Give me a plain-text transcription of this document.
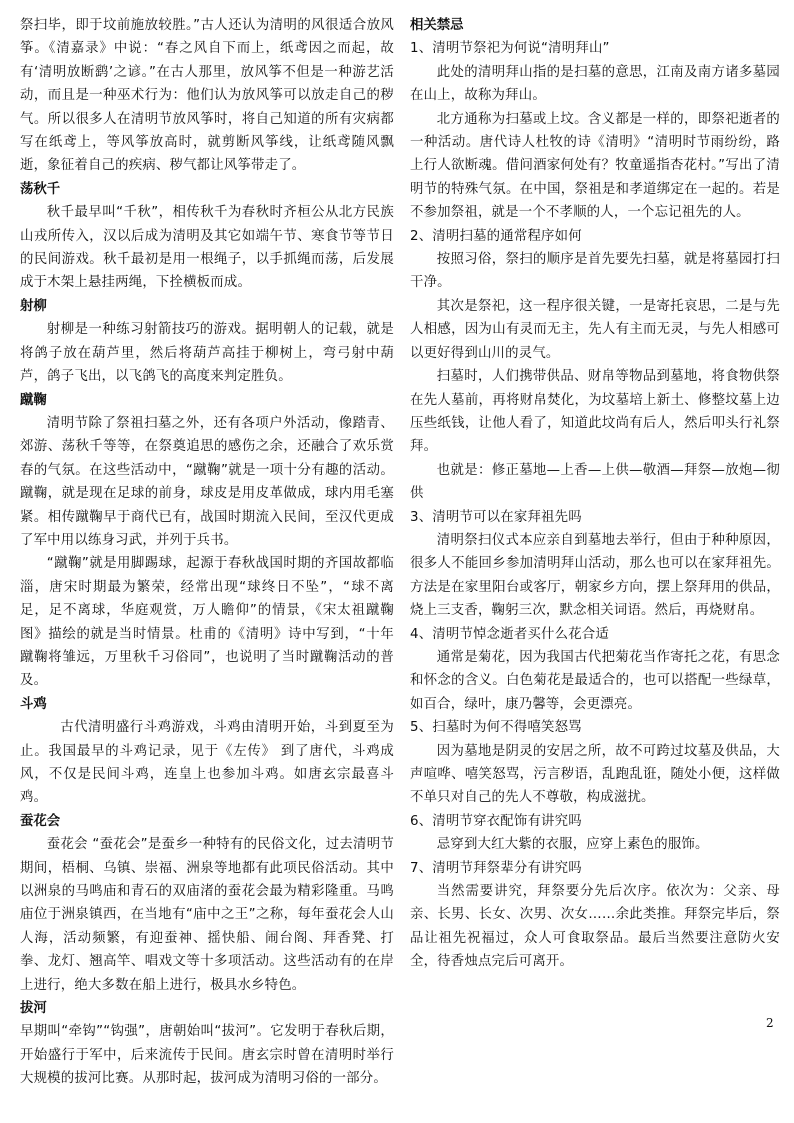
祭扫毕，即于坟前施放较胜。”古人还认为清明的风很适合放风筝。《清嘉录》中说：“春之风自下而上，纸鸢因之而起，故有‘清明放断鹞’之谚。”在古人那里，放风筝不但是一种游艺活动，而且是一种巫术行为：他们认为放风筝可以放走自己的秽气。所以很多人在清明节放风筝时，将自己知道的所有灾病都写在纸鸢上，等风筝放高时，就剪断风筝线，让纸鸢随风飘逝，象征着自己的疾病、秽气都让风筝带走了。

荡秋千

秋千最早叫“千秋”，相传秋千为春秋时齐桓公从北方民族山戎所传入，汉以后成为清明及其它如端午节、寒食节等节日的民间游戏。秋千最初是用一根绳子，以手抓绳而荡，后发展成于木架上悬挂两绳，下拴横板而成。

射柳

射柳是一种练习射箭技巧的游戏。据明朝人的记载，就是将鸽子放在葫芦里，然后将葫芦高挂于柳树上，弯弓射中葫芦，鸽子飞出，以飞鸽飞的高度来判定胜负。

蹴鞠

清明节除了祭祖扫墓之外，还有各项户外活动，像踏青、郊游、荡秋千等等，在祭奠追思的感伤之余，还融合了欢乐赏春的气氛。在这些活动中，“蹴鞠”就是一项十分有趣的活动。蹴鞠，就是现在足球的前身，球皮是用皮革做成，球内用毛塞紧。相传蹴鞠早于商代已有，战国时期流入民间，至汉代更成了军中用以练身习武，并列于兵书。

“蹴鞠”就是用脚踢球，起源于春秋战国时期的齐国故都临淄，唐宋时期最为繁荣，经常出现“球终日不坠”，“球不离足，足不离球，华庭观赏，万人瞻仰”的情景，《宋太祖蹴鞠图》描绘的就是当时情景。杜甫的《清明》诗中写到，“十年蹴鞠将雏远，万里秋千习俗同”，也说明了当时蹴鞠活动的普及。

斗鸡

古代清明盛行斗鸡游戏，斗鸡由清明开始，斗到夏至为止。我国最早的斗鸡记录，见于《左传》 到了唐代，斗鸡成风，不仅是民间斗鸡，连皇上也参加斗鸡。如唐玄宗最喜斗鸡。

蚕花会

蚕花会 “蚕花会”是蚕乡一种特有的民俗文化，过去清明节期间，梧桐、乌镇、崇福、洲泉等地都有此项民俗活动。其中以洲泉的马鸣庙和青石的双庙渚的蚕花会最为精彩隆重。马鸣庙位于洲泉镇西，在当地有“庙中之王”之称，每年蚕花会人山人海，活动频繁，有迎蚕神、摇快船、闹台阁、拜香凳、打拳、龙灯、翘高竿、唱戏文等十多项活动。这些活动有的在岸上进行，绝大多数在船上进行，极具水乡特色。

拔河

早期叫“牵钩”“钩强”，唐朝始叫“拔河”。它发明于春秋后期，开始盛行于军中，后来流传于民间。唐玄宗时曾在清明时举行大规模的拔河比赛。从那时起，拔河成为清明习俗的一部分。

相关禁忌

1、清明节祭祀为何说“清明拜山”

此处的清明拜山指的是扫墓的意思，江南及南方诸多墓园在山上，故称为拜山。

北方通称为扫墓或上坟。含义都是一样的，即祭祀逝者的一种活动。唐代诗人杜牧的诗《清明》“清明时节雨纷纷，路上行人欲断魂。借问酒家何处有？牧童遥指杏花村。”写出了清明节的特殊气氛。在中国，祭祖是和孝道绑定在一起的。若是不参加祭祖，就是一个不孝顺的人，一个忘记祖先的人。

2、清明扫墓的通常程序如何

按照习俗，祭扫的顺序是首先要先扫墓，就是将墓园打扫干净。

其次是祭祀，这一程序很关键，一是寄托哀思，二是与先人相感，因为山有灵而无主，先人有主而无灵，与先人相感可以更好得到山川的灵气。

扫墓时，人们携带供品、财帛等物品到墓地，将食物供祭在先人墓前，再将财帛焚化，为坟墓培上新土、修整坟墓上边压些纸钱，让他人看了，知道此坟尚有后人，然后叩头行礼祭拜。

也就是：修正墓地—上香—上供—敬酒—拜祭—放炮—彻供

3、清明节可以在家拜祖先吗

清明祭扫仪式本应亲自到墓地去举行，但由于种种原因，很多人不能回乡参加清明拜山活动，那么也可以在家拜祖先。方法是在家里阳台或客厅，朝家乡方向，摆上祭拜用的供品，烧上三支香，鞠躬三次，默念相关词语。然后，再烧财帛。

4、清明节悼念逝者买什么花合适

通常是菊花，因为我国古代把菊花当作寄托之花，有思念和怀念的含义。白色菊花是最适合的，也可以搭配一些绿草，如百合，绿叶，康乃馨等，会更漂亮。

5、扫墓时为何不得嘻笑怒骂

因为墓地是阴灵的安居之所，故不可跨过坟墓及供品，大声喧哗、嘻笑怒骂，污言秽语，乱跑乱诳，随处小便，这样做不单只对自己的先人不尊敬，构成滋扰。

6、清明节穿衣配饰有讲究吗

忌穿到大红大紫的衣服，应穿上素色的服饰。

7、清明节拜祭辈分有讲究吗

当然需要讲究，拜祭要分先后次序。依次为：父亲、母亲、长男、长女、次男、次女……余此类推。拜祭完毕后，祭品让祖先祝福过，众人可食取祭品。最后当然要注意防火安全，待香烛点完后可离开。

2
